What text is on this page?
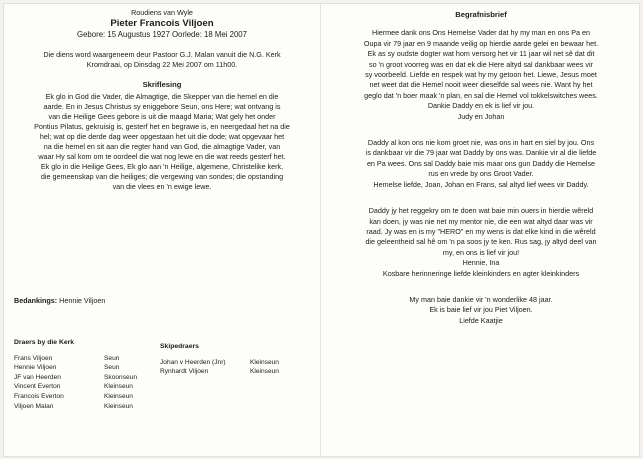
Roudiens van Wyle
Pieter Francois Viljoen
Gebore: 15 Augustus 1927 Oorlede: 18 Mei 2007
Die diens word waargeneem deur Pastoor G.J. Malan vanuit die N.G. Kerk
Kromdraai, op Dinsdag 22 Mei 2007 om 11h00.
Skriflesing
Ek glo in God die Vader, die Almagtige, die Skepper van die hemel en die
aarde. En in Jesus Christus sy eniggebore Seun, ons Here; wat ontvang is
van die Heilige Gees gebore is uit die maagd Maria; Wat gely het onder
Pontius Pilatus, gekruisig is, gesterf het en begrawe is, en neergedaal het na die
hel; wat op die derde dag weer opgestaan het uit die dode; wat opgevaar het
na die hemel en sit aan die regter hand van God, die almagtige Vader, van
waar Hy sal kom om te oordeel die wat nog lewe en die wat reeds gesterf het.
Ek glo in die Heilige Gees, Ek glo aan 'n Heilige, algemene, Christelike kerk,
die gemeenskap van die heiliges; die vergewing van sondes; die opstanding
van die vlees en 'n ewige lewe.
Bedankings: Hennie Viljoen
Draers by die Kerk
Frans Viljoen	Seun
Hennie Viljoen	Seun
JF van Heerden	Skoonseun
Vincent Everton	Kleinseun
Francois Everton	Kleinseun
Viljoen Malan	Kleinseun
Skipedraers
Johan v Heerden (Jnr)	Kleinseun
Rynhardt Viljoen	Kleinseun
Begrafnisbrief
Hiermee dank ons Ons Hemelse Vader dat hy my man en ons Pa en
Oupa vir 79 jaar en 9 maande veilig op hierdie aarde gelei en bewaar het.
Ek as sy oudste dogter wat hom versorg het vir 11 jaar wil net sê dat dit
so 'n groot voorreg was en dat ek die Here altyd sal dankbaar wees vir
sy voorbeeld. Liefde en respek wat hy my getoon het. Liewe, Jesus moet
net weet dat die Hemel nooit weer dieselfde sal wees nie. Want hy het
geglo dat 'n boer maak 'n plan, en sal die Hemel vol tokkelswitches wees.
Dankie Daddy en ek is lief vir jou.
Judy en Johan
Daddy al kon ons nie kom groet nie, was ons in hart en siel by jou. Ons
is dankbaar vir die 79 jaar wat Daddy by ons was. Dankie vir al die liefde
en Pa wees. Ons sal Daddy baie mis maar ons gun Daddy die Hemelse
rus en vrede by ons Groot Vader.
Hemelse liefde, Joan, Johan en Frans, sal altyd lief wees vir Daddy.
Daddy jy het reggekry om te doen wat baie min ouers in hierdie wêreld
kan doen, jy was nie net my mentor nie, die een wat altyd daar was vir
raad. Jy was en is my "HERO" en my wens is dat elke kind in die wêreld
die geleentheid sal hê om 'n pa soos jy te ken. Rus sag, jy altyd deel van
my, en ons is lief vir jou!
Hennie, Ina
Kosbare herinneringe liefde kleinkinders en agter kleinkinders
My man baie dankie vir 'n wonderlike 48 jaar.
Ek is baie lief vir jou Piet Viljoen.
Liefde Kaatjie
